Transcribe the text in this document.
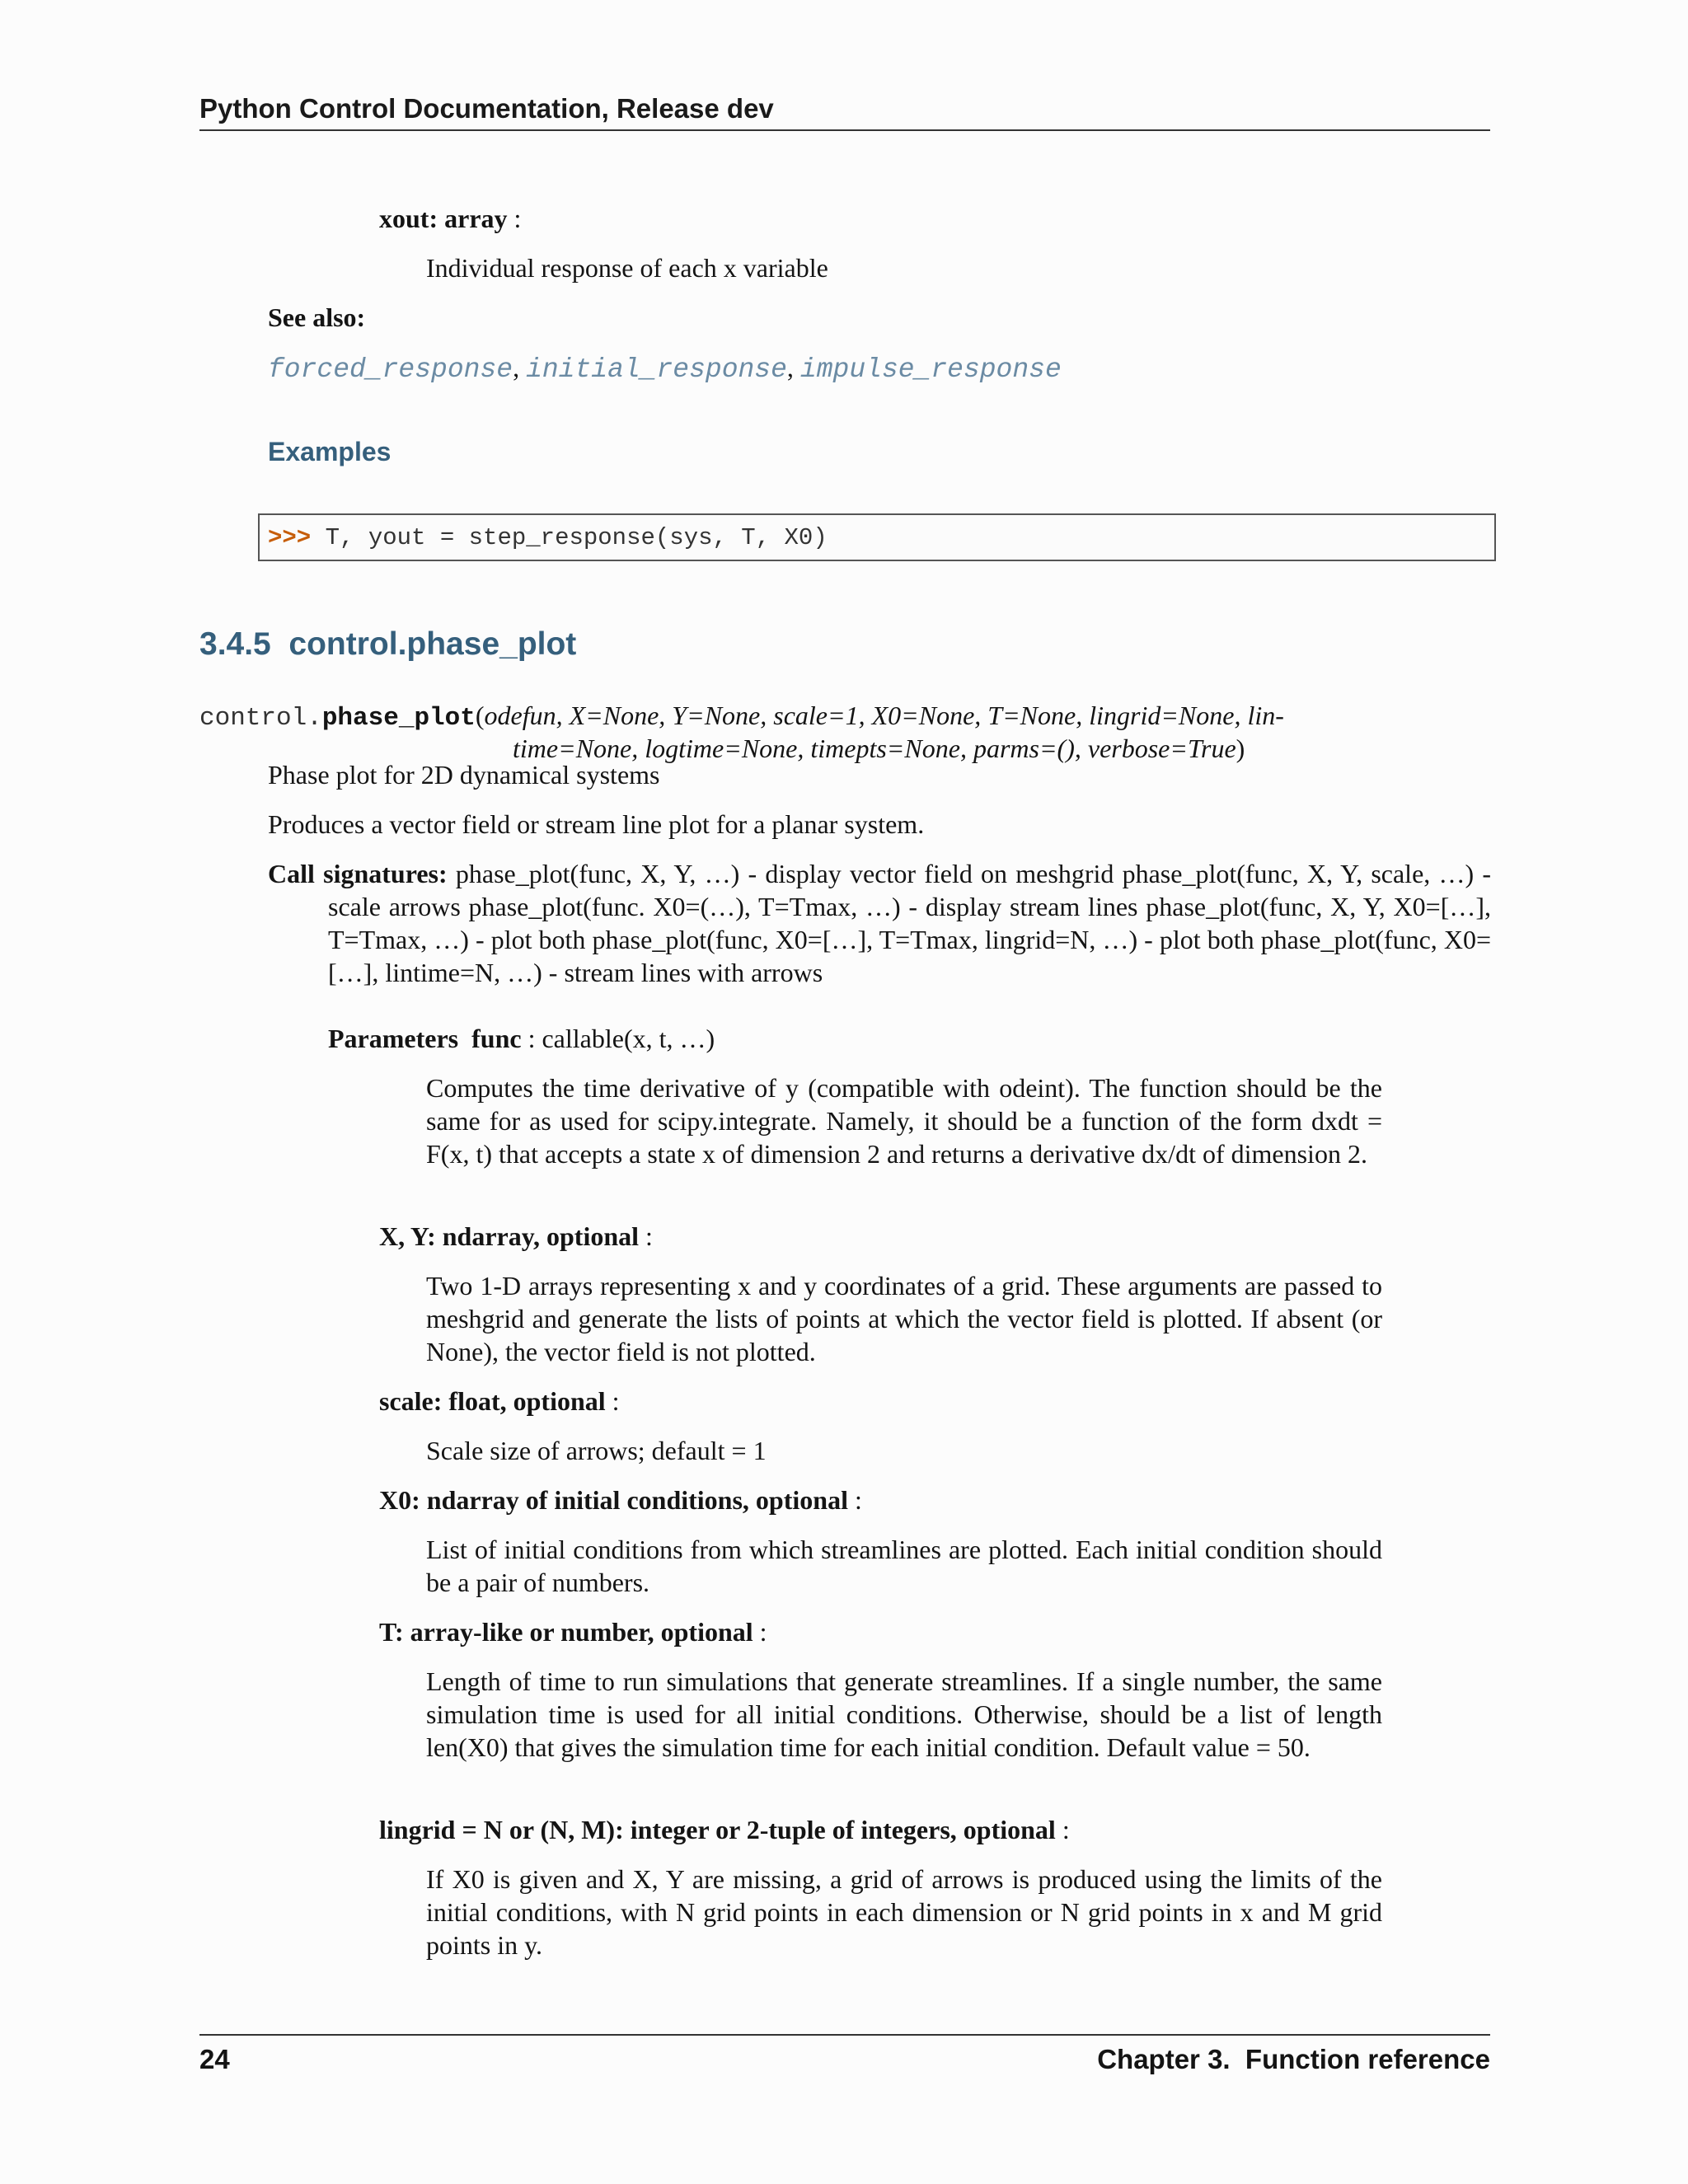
Python Control Documentation, Release dev
xout: array :
Individual response of each x variable
See also:
forced_response, initial_response, impulse_response
Examples
>>> T, yout = step_response(sys, T, X0)
3.4.5 control.phase_plot
control.phase_plot(odefun, X=None, Y=None, scale=1, X0=None, T=None, lingrid=None, lin-
time=None, logtime=None, timepts=None, parms=(), verbose=True)
Phase plot for 2D dynamical systems
Produces a vector field or stream line plot for a planar system.
Call signatures: phase_plot(func, X, Y, …) - display vector field on meshgrid phase_plot(func, X, Y, scale, …) - scale arrows phase_plot(func. X0=(…), T=Tmax, …) - display stream lines phase_plot(func, X, Y, X0=[…], T=Tmax, …) - plot both phase_plot(func, X0=[…], T=Tmax, lingrid=N, …) - plot both phase_plot(func, X0=[…], lintime=N, …) - stream lines with arrows
Parameters func : callable(x, t, …)
Computes the time derivative of y (compatible with odeint). The function should be the same for as used for scipy.integrate. Namely, it should be a function of the form dxdt = F(x, t) that accepts a state x of dimension 2 and returns a derivative dx/dt of dimension 2.
X, Y: ndarray, optional :
Two 1-D arrays representing x and y coordinates of a grid. These arguments are passed to meshgrid and generate the lists of points at which the vector field is plotted. If absent (or None), the vector field is not plotted.
scale: float, optional :
Scale size of arrows; default = 1
X0: ndarray of initial conditions, optional :
List of initial conditions from which streamlines are plotted. Each initial condition should be a pair of numbers.
T: array-like or number, optional :
Length of time to run simulations that generate streamlines. If a single number, the same simulation time is used for all initial conditions. Otherwise, should be a list of length len(X0) that gives the simulation time for each initial condition. Default value = 50.
lingrid = N or (N, M): integer or 2-tuple of integers, optional :
If X0 is given and X, Y are missing, a grid of arrows is produced using the limits of the initial conditions, with N grid points in each dimension or N grid points in x and M grid points in y.
24	Chapter 3.  Function reference
